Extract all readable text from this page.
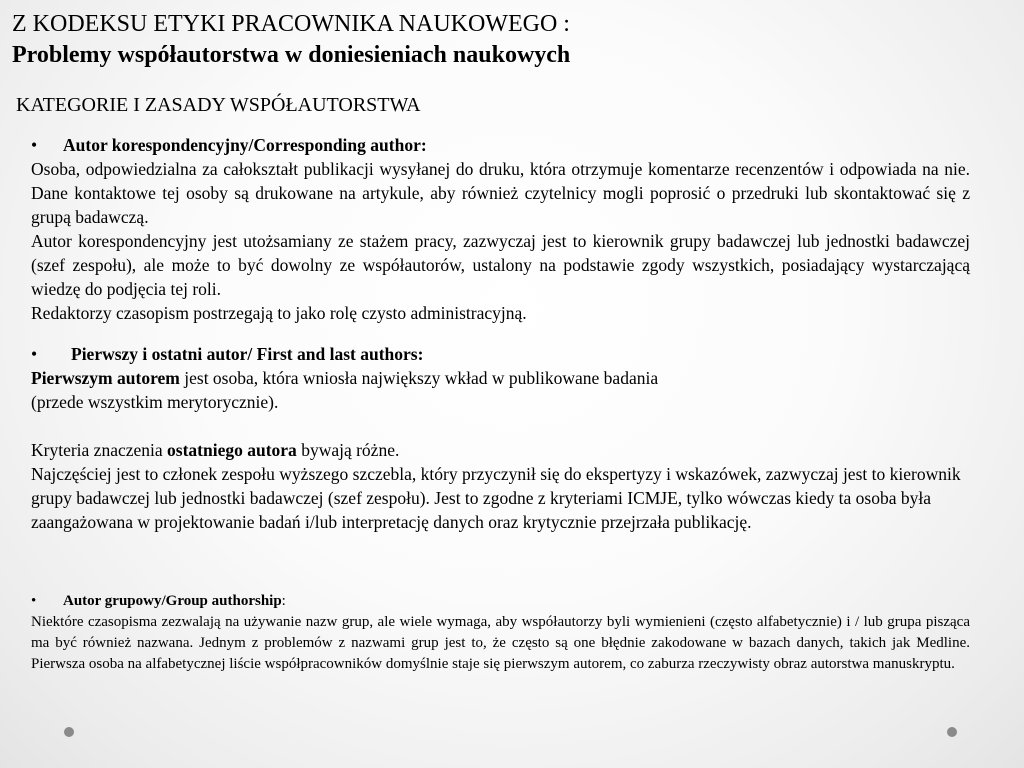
Z KODEKSU ETYKI PRACOWNIKA NAUKOWEGO :
Problemy współautorstwa w doniesieniach naukowych
KATEGORIE I ZASADY WSPÓŁAUTORSTWA
• Autor korespondencyjny/Corresponding author:

Osoba, odpowiedzialna za całokształt publikacji wysyłanej do druku, która otrzymuje komentarze recenzentów i odpowiada na nie. Dane kontaktowe tej osoby są drukowane na artykule, aby również czytelnicy mogli poprosić o przedruki lub skontaktować się z grupą badawczą.

Autor korespondencyjny jest utożsamiany ze stażem pracy, zazwyczaj jest to kierownik grupy badawczej lub jednostki badawczej (szef zespołu), ale może to być dowolny ze współautorów, ustalony na podstawie zgody wszystkich, posiadający wystarczającą wiedzę do podjęcia tej roli.

Redaktorzy czasopism postrzegają to jako rolę czysto administracyjną.

• Pierwszy i ostatni autor/ First and last authors:

Pierwszym autorem jest osoba, która wniosła największy wkład w publikowane badania

(przede wszystkim merytorycznie).

Kryteria znaczenia ostatniego autora bywają różne.

Najczęściej jest to członek zespołu wyższego szczebla, który przyczynił się do ekspertyzy i wskazówek, zazwyczaj jest to kierownik grupy badawczej lub jednostki badawczej (szef zespołu). Jest to zgodne z kryteriami ICMJE, tylko wówczas kiedy ta osoba była zaangażowana w projektowanie badań i/lub interpretację danych oraz krytycznie przejrzała publikację.

• Autor grupowy/Group authorship:

Niektóre czasopisma zezwalają na używanie nazw grup, ale wiele wymaga, aby współautorzy byli wymienieni (często alfabetycznie) i / lub grupa pisząca ma być również nazwana. Jednym z problemów z nazwami grup jest to, że często są one błędnie zakodowane w bazach danych, takich jak Medline. Pierwsza osoba na alfabetycznej liście współpracowników domyślnie staje się pierwszym autorem, co zaburza rzeczywisty obraz autorstwa manuskryptu.
